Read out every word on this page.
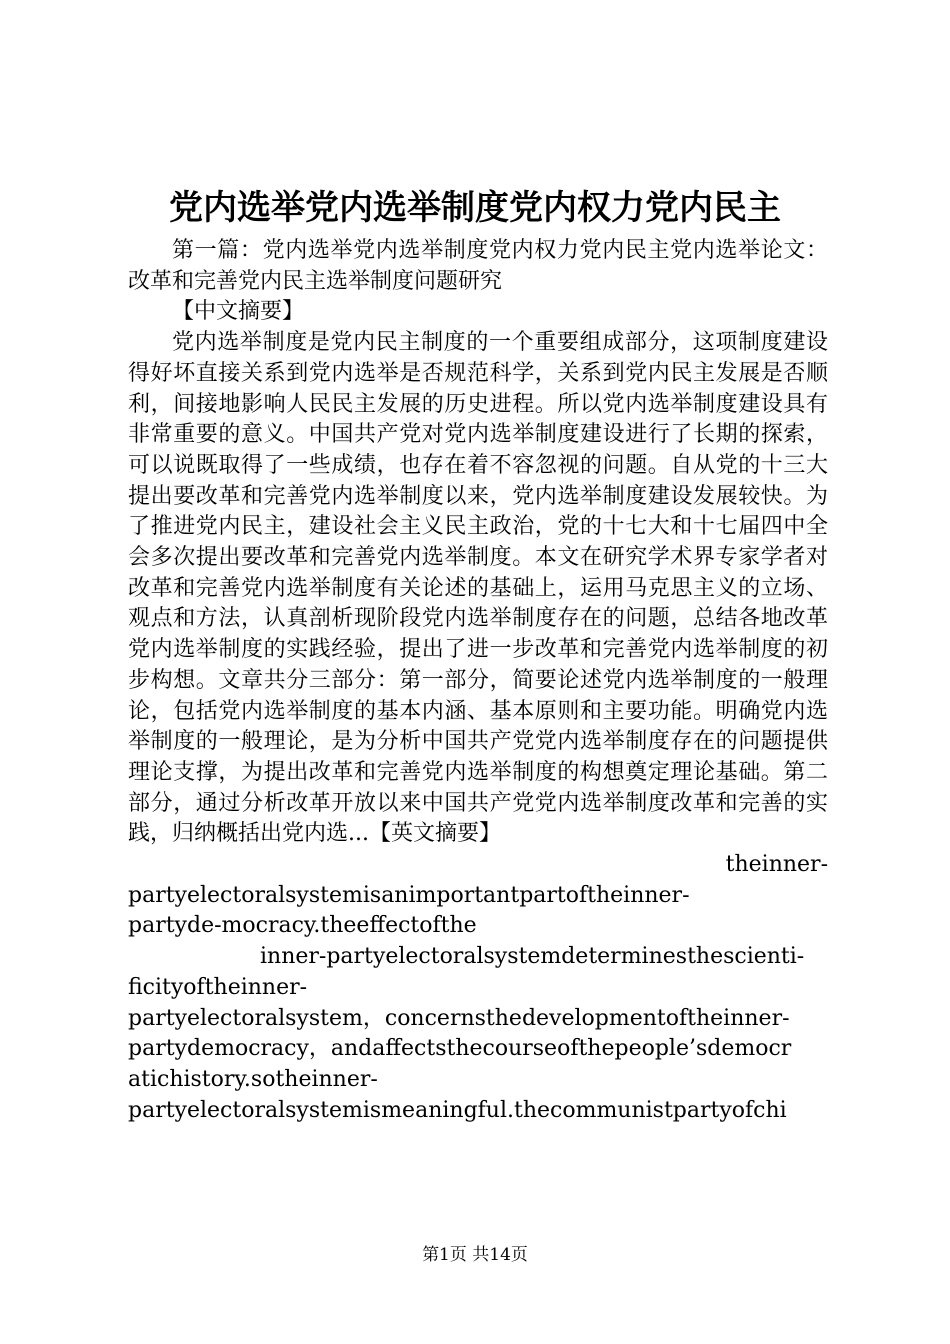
党内选举党内选举制度党内权力党内民主

第一篇：党内选举党内选举制度党内权力党内民主党内选举论文：改革和完善党内民主选举制度问题研究

【中文摘要】

党内选举制度是党内民主制度的一个重要组成部分，这项制度建设得好坏直接关系到党内选举是否规范科学，关系到党内民主发展是否顺利，间接地影响人民民主发展的历史进程。所以党内选举制度建设具有非常重要的意义。中国共产党对党内选举制度建设进行了长期的探索，可以说既取得了一些成绩，也存在着不容忽视的问题。自从党的十三大提出要改革和完善党内选举制度以来，党内选举制度建设发展较快。为了推进党内民主，建设社会主义民主政治，党的十七大和十七届四中全会多次提出要改革和完善党内选举制度。本文在研究学术界专家学者对改革和完善党内选举制度有关论述的基础上，运用马克思主义的立场、观点和方法，认真剖析现阶段党内选举制度存在的问题，总结各地改革党内选举制度的实践经验，提出了进一步改革和完善党内选举制度的初步构想。文章共分三部分：第一部分，简要论述党内选举制度的一般理论，包括党内选举制度的基本内涵、基本原则和主要功能。明确党内选举制度的一般理论，是为分析中国共产党党内选举制度存在的问题提供理论支撑，为提出改革和完善党内选举制度的构想奠定理论基础。第二部分，通过分析改革开放以来中国共产党党内选举制度改革和完善的实践，归纳概括出党内选...【英文摘要】

theinner-

partyelectoralsystemisanimportantpartoftheinner-

partyde-mocracy.theeffectofthe

inner-partyelectoralsystemdeterminesthescienti-

ficityoftheinner-

partyelectoralsystem，concernsthedevelopmentoftheinner-

partydemocracy，andaffectsthecourseofthepeople’sdemocr

atichistory.sotheinner-

partyelectoralsystemismeaningful.thecommunistpartyofchi

第1页 共14页
